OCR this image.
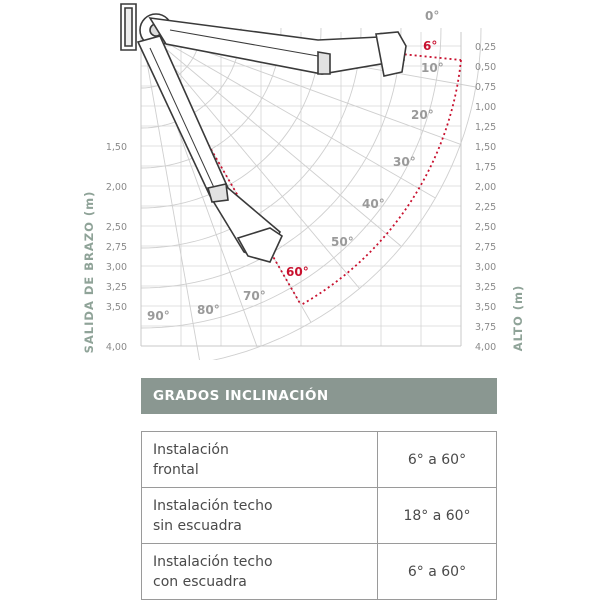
1,50
2,00
2,50
2,75
3,00
3,25
3,50
4,00
0,25
0,50
0,75
1,00
1,25
1,50
1,75
2,00
2,25
2,50
2,75
3,00
3,25
3,50
3,75
4,00
0°
10°
20°
30°
40°
50°
70°
80°
90°
6°
60°
SALIDA DE BRAZO (m)	ALTO (m)
GRADOS INCLINACIÓN
Instalación
frontal	6° a 60°
Instalación techo
sin escuadra	18° a 60°
Instalación techo
con escuadra	6° a 60°
